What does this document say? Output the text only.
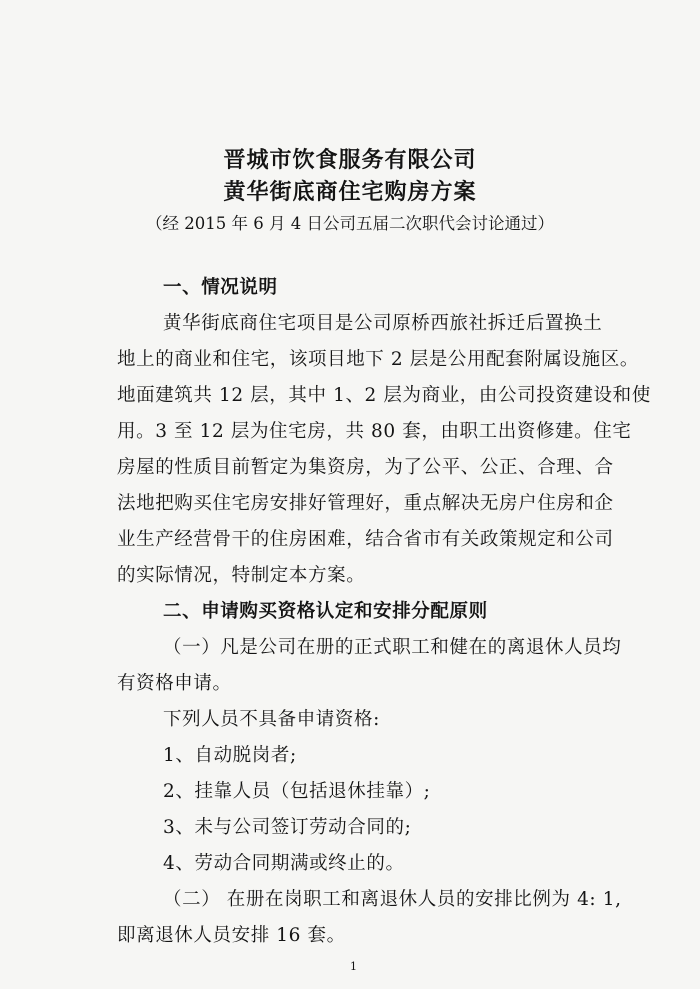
晋城市饮食服务有限公司
黄华街底商住宅购房方案
（经 2015 年 6 月 4 日公司五届二次职代会讨论通过）
一、情况说明
黄华街底商住宅项目是公司原桥西旅社拆迁后置换土
地上的商业和住宅，该项目地下 2 层是公用配套附属设施区。
地面建筑共 12 层，其中 1、2 层为商业，由公司投资建设和使
用。3 至 12 层为住宅房，共 80 套，由职工出资修建。住宅
房屋的性质目前暂定为集资房，为了公平、公正、合理、合
法地把购买住宅房安排好管理好，重点解决无房户住房和企
业生产经营骨干的住房困难，结合省市有关政策规定和公司
的实际情况，特制定本方案。
二、申请购买资格认定和安排分配原则
（一）凡是公司在册的正式职工和健在的离退休人员均
有资格申请。
下列人员不具备申请资格:
1、自动脱岗者;
2、挂靠人员（包括退休挂靠）;
3、未与公司签订劳动合同的;
4、劳动合同期满或终止的。
（二） 在册在岗职工和离退休人员的安排比例为 4: 1,
即离退休人员安排 16 套。
1
